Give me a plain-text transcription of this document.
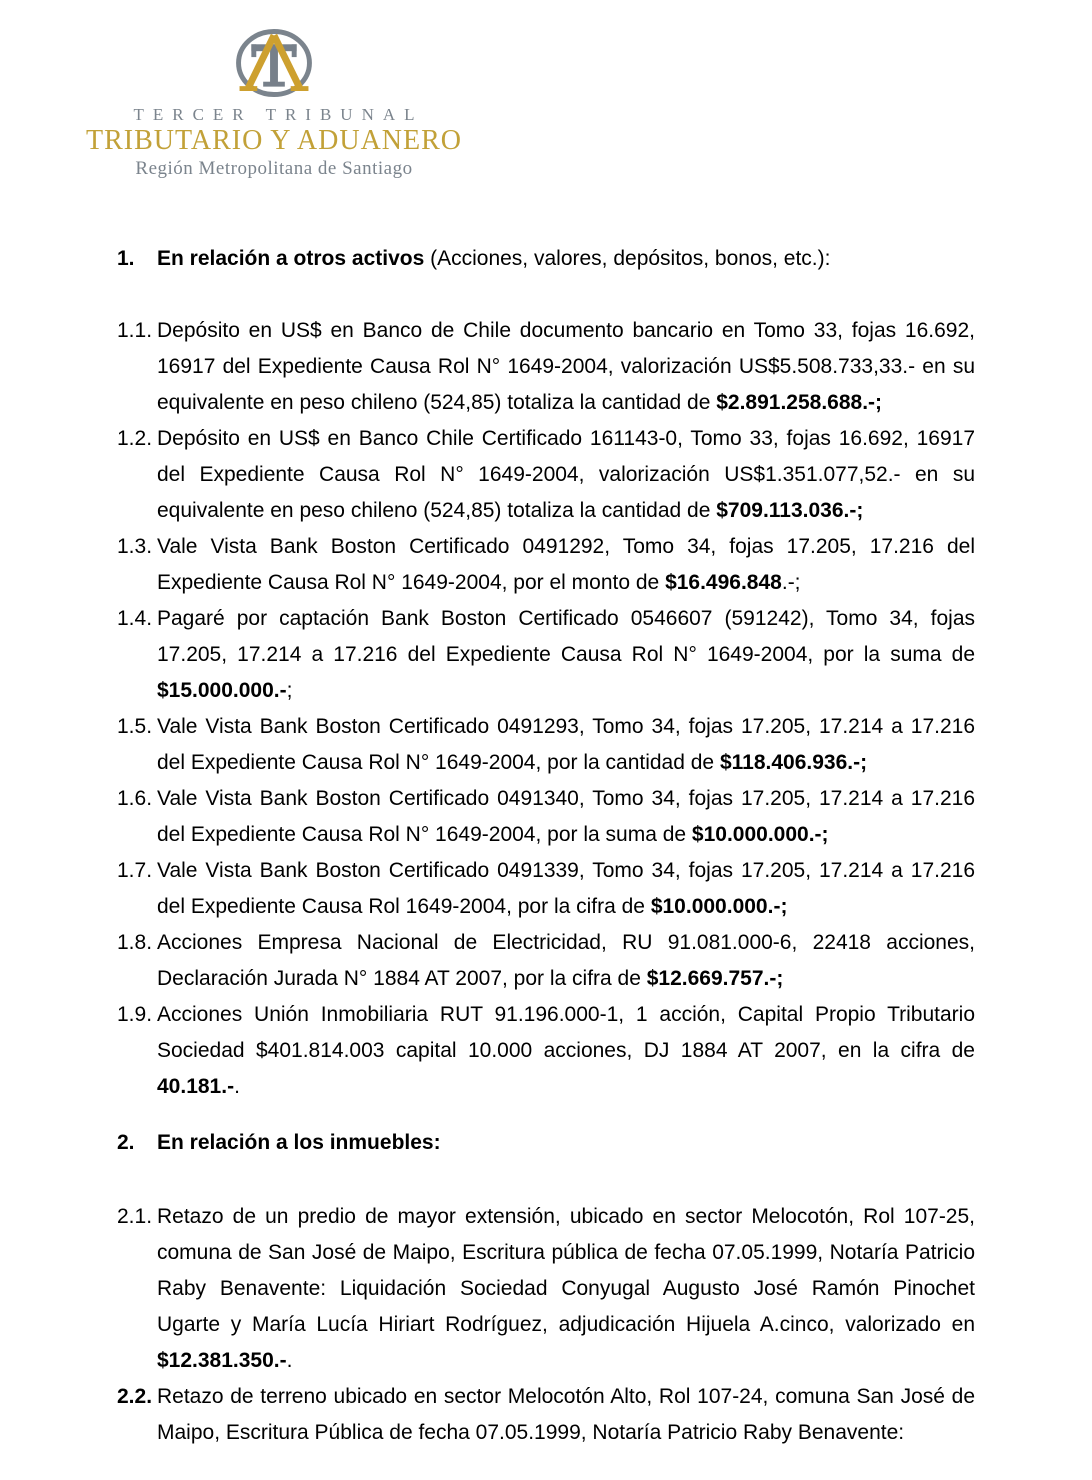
TERCER TRIBUNAL
TRIBUTARIO Y ADUANERO
Región Metropolitana de Santiago

1. En relación a otros activos (Acciones, valores, depósitos, bonos, etc.):

1.1. Depósito en US$ en Banco de Chile documento bancario en Tomo 33, fojas 16.692, 16917 del Expediente Causa Rol N° 1649-2004, valorización US$5.508.733,33.- en su equivalente en peso chileno (524,85) totaliza la cantidad de $2.891.258.688.-;

1.2. Depósito en US$ en Banco Chile Certificado 161143-0, Tomo 33, fojas 16.692, 16917 del Expediente Causa Rol N° 1649-2004, valorización US$1.351.077,52.- en su equivalente en peso chileno (524,85) totaliza la cantidad de $709.113.036.-;

1.3. Vale Vista Bank Boston Certificado 0491292, Tomo 34, fojas 17.205, 17.216 del Expediente Causa Rol N° 1649-2004, por el monto de $16.496.848.-;

1.4. Pagaré por captación Bank Boston Certificado 0546607 (591242), Tomo 34, fojas 17.205, 17.214 a 17.216 del Expediente Causa Rol N° 1649-2004, por la suma de $15.000.000.-;

1.5. Vale Vista Bank Boston Certificado 0491293, Tomo 34, fojas 17.205, 17.214 a 17.216 del Expediente Causa Rol N° 1649-2004, por la cantidad de $118.406.936.-;

1.6. Vale Vista Bank Boston Certificado 0491340, Tomo 34, fojas 17.205, 17.214 a 17.216 del Expediente Causa Rol N° 1649-2004, por la suma de $10.000.000.-;

1.7. Vale Vista Bank Boston Certificado 0491339, Tomo 34, fojas 17.205, 17.214 a 17.216 del Expediente Causa Rol 1649-2004, por la cifra de $10.000.000.-;

1.8. Acciones Empresa Nacional de Electricidad, RU 91.081.000-6, 22418 acciones, Declaración Jurada N° 1884 AT 2007, por la cifra de $12.669.757.-;

1.9. Acciones Unión Inmobiliaria RUT 91.196.000-1, 1 acción, Capital Propio Tributario Sociedad $401.814.003 capital 10.000 acciones, DJ 1884 AT 2007, en la cifra de 40.181.-.

2. En relación a los inmuebles:

2.1. Retazo de un predio de mayor extensión, ubicado en sector Melocotón, Rol 107-25, comuna de San José de Maipo, Escritura pública de fecha 07.05.1999, Notaría Patricio Raby Benavente: Liquidación Sociedad Conyugal Augusto José Ramón Pinochet Ugarte y María Lucía Hiriart Rodríguez, adjudicación Hijuela A.cinco, valorizado en $12.381.350.-.

2.2. Retazo de terreno ubicado en sector Melocotón Alto, Rol 107-24, comuna San José de Maipo, Escritura Pública de fecha 07.05.1999, Notaría Patricio Raby Benavente:
